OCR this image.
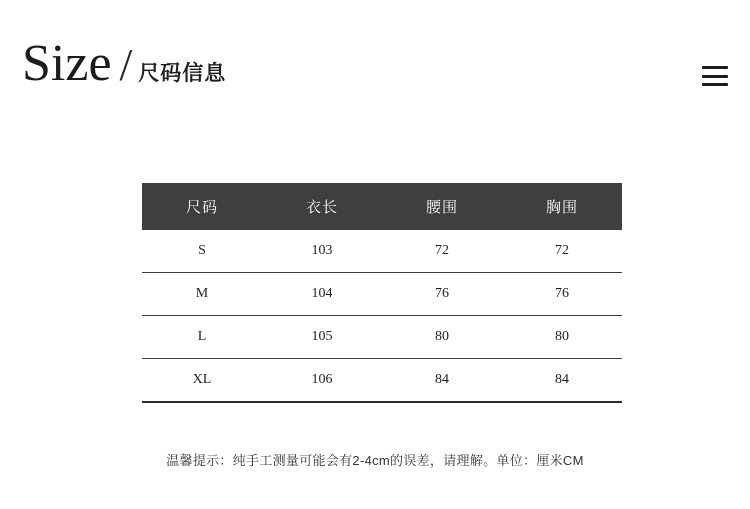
Size / 尺码信息
尺码	衣长	腰围	胸围
S	103	72	72
M	104	76	76
L	105	80	80
XL	106	84	84
温馨提示：纯手工测量可能会有2-4cm的误差，请理解。单位：厘米CM
